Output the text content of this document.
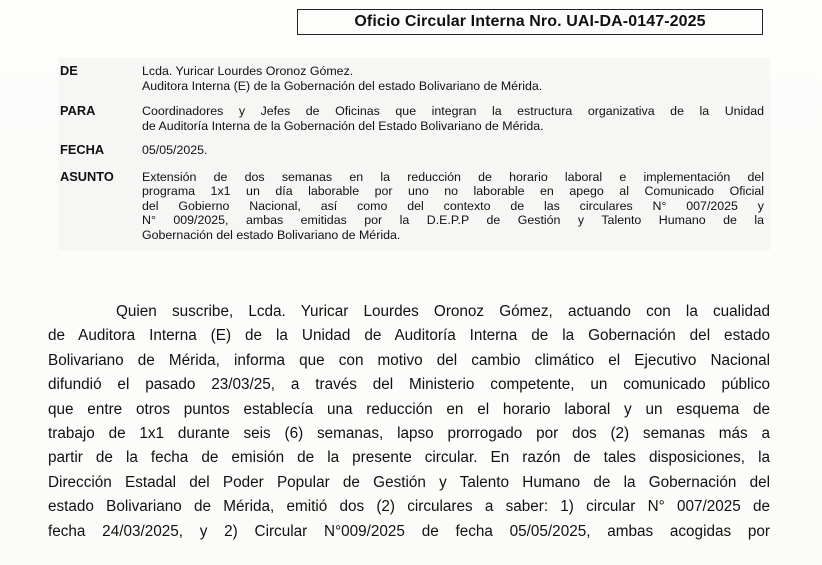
Oficio Circular Interna Nro. UAI-DA-0147-2025
DE	Lcda. Yuricar Lourdes Oronoz Gómez.
Auditora Interna (E) de la Gobernación del estado Bolivariano de Mérida.
PARA	Coordinadores y Jefes de Oficinas que integran la estructura organizativa de la Unidad
de Auditoría Interna de la Gobernación del Estado Bolivariano de Mérida.
FECHA	05/05/2025.
ASUNTO	Extensión de dos semanas en la reducción de horario laboral e implementación del
programa 1x1 un día laborable por uno no laborable en apego al Comunicado Oficial
del Gobierno Nacional, así como del contexto de las circulares N° 007/2025 y
N° 009/2025, ambas emitidas por la D.E.P.P de Gestión y Talento Humano de la
Gobernación del estado Bolivariano de Mérida.
Quien suscribe, Lcda. Yuricar Lourdes Oronoz Gómez, actuando con la cualidad
de Auditora Interna (E) de la Unidad de Auditoría Interna de la Gobernación del estado
Bolivariano de Mérida, informa que con motivo del cambio climático el Ejecutivo Nacional
difundió el pasado 23/03/25, a través del Ministerio competente, un comunicado público
que entre otros puntos establecía una reducción en el horario laboral y un esquema de
trabajo de 1x1 durante seis (6) semanas, lapso prorrogado por dos (2) semanas más a
partir de la fecha de emisión de la presente circular. En razón de tales disposiciones, la
Dirección Estadal del Poder Popular de Gestión y Talento Humano de la Gobernación del
estado Bolivariano de Mérida, emitió dos (2) circulares a saber: 1) circular N° 007/2025 de
fecha 24/03/2025, y 2) Circular N°009/2025 de fecha 05/05/2025, ambas acogidas por
